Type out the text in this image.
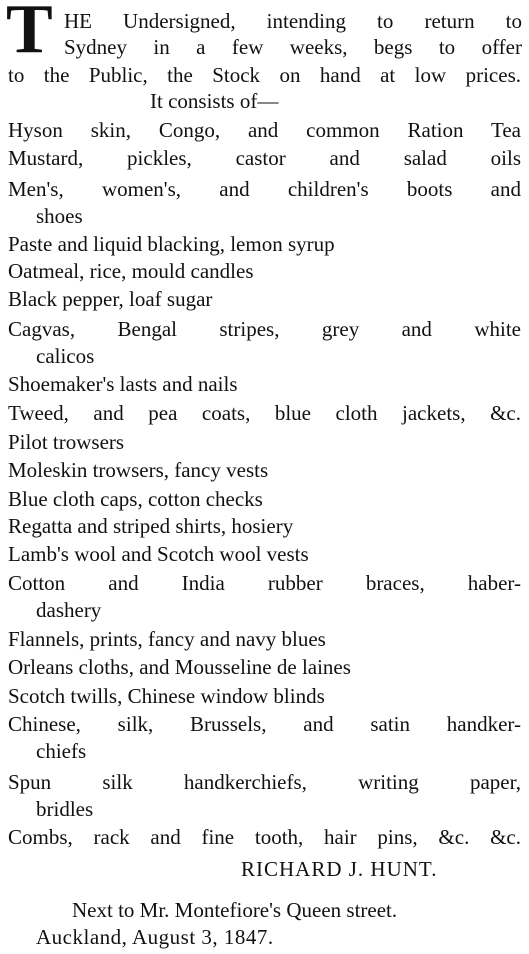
T HE Undersigned, intending to return to
Sydney in a few weeks, begs to offer
to the Public, the Stock on hand at low prices.
It consists of—
Hyson skin, Congo, and common Ration Tea
Mustard, pickles, castor and salad oils
Men's, women's, and children's boots and
shoes
Paste and liquid blacking, lemon syrup
Oatmeal, rice, mould candles
Black pepper, loaf sugar
Cagvas, Bengal stripes, grey and white
calicos
Shoemaker's lasts and nails
Tweed, and pea coats, blue cloth jackets, &c.
Pilot trowsers
Moleskin trowsers, fancy vests
Blue cloth caps, cotton checks
Regatta and striped shirts, hosiery
Lamb's wool and Scotch wool vests
Cotton and India rubber braces, haber-
dashery
Flannels, prints, fancy and navy blues
Orleans cloths, and Mousseline de laines
Scotch twills, Chinese window blinds
Chinese, silk, Brussels, and satin handker-
chiefs
Spun silk handkerchiefs, writing paper,
bridles
Combs, rack and fine tooth, hair pins, &c. &c.
RICHARD J. HUNT.
Next to Mr. Montefiore's Queen street.
Auckland, August 3, 1847.
